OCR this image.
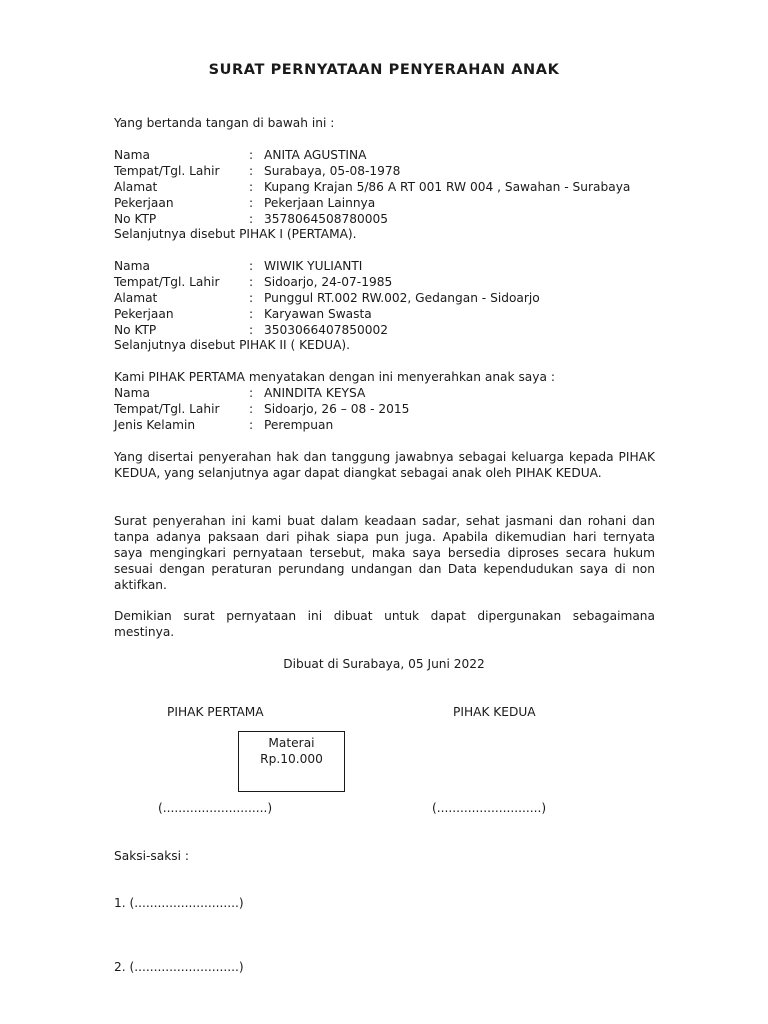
SURAT PERNYATAAN PENYERAHAN ANAK
Yang bertanda tangan di bawah ini :
Nama	: ANITA AGUSTINA
Tempat/Tgl. Lahir	: Surabaya, 05-08-1978
Alamat	: Kupang Krajan 5/86 A RT 001 RW 004 , Sawahan - Surabaya
Pekerjaan	: Pekerjaan Lainnya
No KTP	: 3578064508780005
Selanjutnya disebut PIHAK I (PERTAMA).
Nama	: WIWIK YULIANTI
Tempat/Tgl. Lahir	: Sidoarjo, 24-07-1985
Alamat	: Punggul RT.002 RW.002, Gedangan - Sidoarjo
Pekerjaan	: Karyawan Swasta
No KTP	: 3503066407850002
Selanjutnya disebut PIHAK II ( KEDUA).
Kami PIHAK PERTAMA menyatakan dengan ini menyerahkan anak saya :
Nama	: ANINDITA KEYSA
Tempat/Tgl. Lahir	: Sidoarjo, 26 – 08 - 2015
Jenis Kelamin	: Perempuan
Yang disertai penyerahan hak dan tanggung jawabnya sebagai keluarga kepada PIHAK KEDUA, yang selanjutnya agar dapat diangkat sebagai anak oleh PIHAK KEDUA.
Surat penyerahan ini kami buat dalam keadaan sadar, sehat jasmani dan rohani dan tanpa adanya paksaan dari pihak siapa pun juga. Apabila dikemudian hari ternyata saya mengingkari pernyataan tersebut, maka saya bersedia diproses secara hukum sesuai dengan peraturan perundang undangan dan Data kependudukan saya di non aktifkan.
Demikian surat pernyataan ini dibuat untuk dapat dipergunakan sebagaimana mestinya.
Dibuat di Surabaya, 05 Juni 2022
PIHAK PERTAMA	PIHAK KEDUA
Materai
Rp.10.000
(...........................)	(...........................)
Saksi-saksi :
1. (...........................)
2. (...........................)
